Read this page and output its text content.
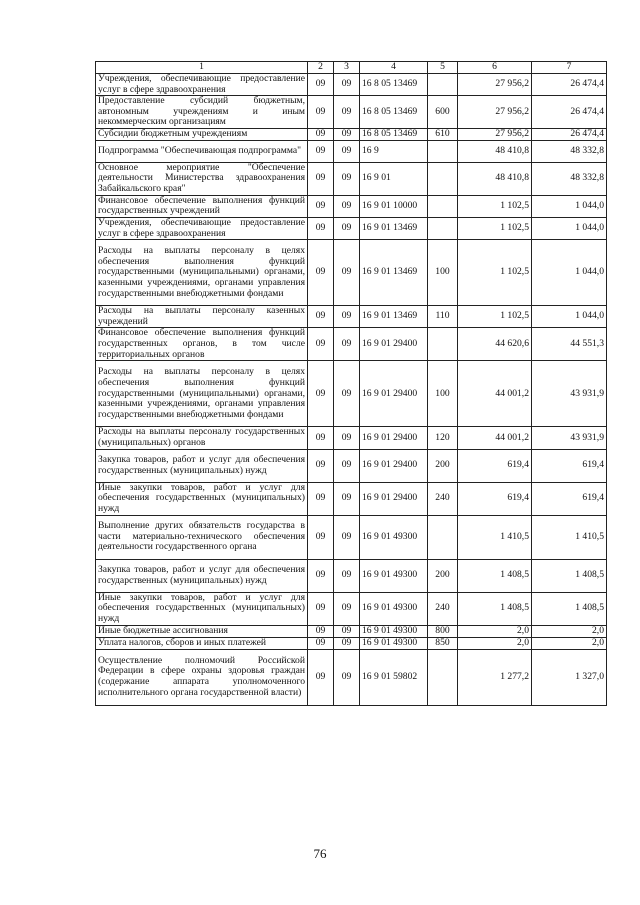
1	2	3	4	5	6	7
Учреждения, обеспечивающие предоставление услуг в сфере здравоохранения	09	09	16 8 05 13469		27 956,2	26 474,4
Предоставление субсидий бюджетным, автономным учреждениям и иным некоммерческим организациям	09	09	16 8 05 13469	600	27 956,2	26 474,4
Субсидии бюджетным учреждениям	09	09	16 8 05 13469	610	27 956,2	26 474,4
Подпрограмма "Обеспечивающая подпрограмма"	09	09	16 9		48 410,8	48 332,8
Основное мероприятие "Обеспечение деятельности Министерства здравоохранения Забайкальского края"	09	09	16 9 01		48 410,8	48 332,8
Финансовое обеспечение выполнения функций государственных учреждений	09	09	16 9 01 10000		1 102,5	1 044,0
Учреждения, обеспечивающие предоставление услуг в сфере здравоохранения	09	09	16 9 01 13469		1 102,5	1 044,0
Расходы на выплаты персоналу в целях обеспечения выполнения функций государственными (муниципальными) органами, казенными учреждениями, органами управления государственными внебюджетными фондами	09	09	16 9 01 13469	100	1 102,5	1 044,0
Расходы на выплаты персоналу казенных учреждений	09	09	16 9 01 13469	110	1 102,5	1 044,0
Финансовое обеспечение выполнения функций государственных органов, в том числе территориальных органов	09	09	16 9 01 29400		44 620,6	44 551,3
Расходы на выплаты персоналу в целях обеспечения выполнения функций государственными (муниципальными) органами, казенными учреждениями, органами управления государственными внебюджетными фондами	09	09	16 9 01 29400	100	44 001,2	43 931,9
Расходы на выплаты персоналу государственных (муниципальных) органов	09	09	16 9 01 29400	120	44 001,2	43 931,9
Закупка товаров, работ и услуг для обеспечения государственных (муниципальных) нужд	09	09	16 9 01 29400	200	619,4	619,4
Иные закупки товаров, работ и услуг для обеспечения государственных (муниципальных) нужд	09	09	16 9 01 29400	240	619,4	619,4
Выполнение других обязательств государства в части материально-технического обеспечения деятельности государственного органа	09	09	16 9 01 49300		1 410,5	1 410,5
Закупка товаров, работ и услуг для обеспечения государственных (муниципальных) нужд	09	09	16 9 01 49300	200	1 408,5	1 408,5
Иные закупки товаров, работ и услуг для обеспечения государственных (муниципальных) нужд	09	09	16 9 01 49300	240	1 408,5	1 408,5
Иные бюджетные ассигнования	09	09	16 9 01 49300	800	2,0	2,0
Уплата налогов, сборов и иных платежей	09	09	16 9 01 49300	850	2,0	2,0
Осуществление полномочий Российской Федерации в сфере охраны здоровья граждан (содержание аппарата уполномоченного исполнительного органа государственной власти)	09	09	16 9 01 59802		1 277,2	1 327,0
76
